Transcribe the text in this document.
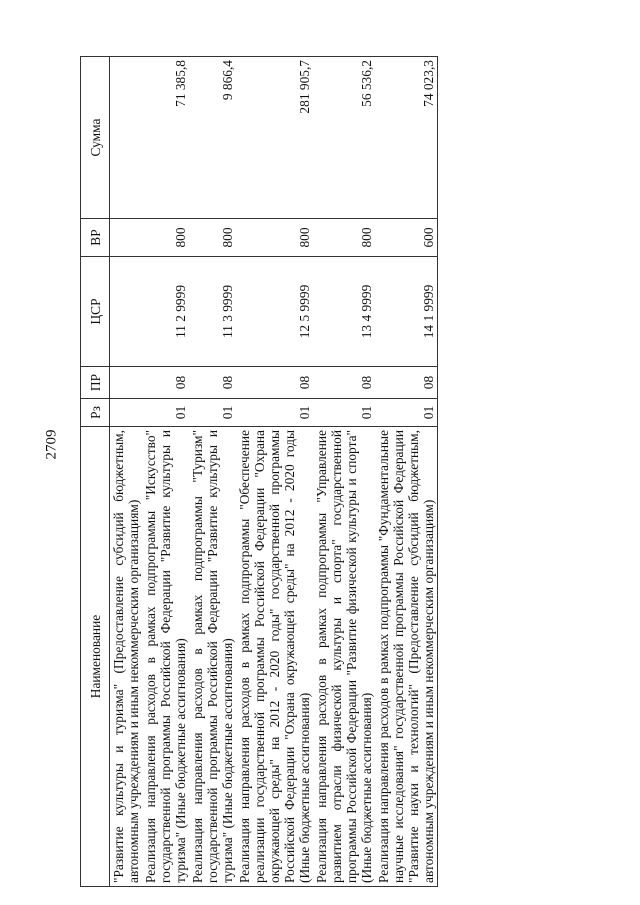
2709
Наименование	Рз	ПР	ЦСР	ВР	Сумма
"Развитие культуры и туризма" (Предоставление субсидий бюджетным, автономным учреждениям и иным некоммерческим организациям)					
Реализация направления расходов в рамках подпрограммы "Искусство" государственной программы Российской Федерации "Развитие культуры и туризма" (Иные бюджетные ассигнования)	01	08	11 2 9999	800	71 385,8
Реализация направления расходов в рамках подпрограммы "Туризм" государственной программы Российской Федерации "Развитие культуры и туризма" (Иные бюджетные ассигнования)	01	08	11 3 9999	800	9 866,4
Реализация направления расходов в рамках подпрограммы "Обеспечение реализации государственной программы Российской Федерации "Охрана окружающей среды" на 2012 - 2020 годы" государственной программы Российской Федерации "Охрана окружающей среды" на 2012 - 2020 годы (Иные бюджетные ассигнования)	01	08	12 5 9999	800	281 905,7
Реализация направления расходов в рамках подпрограммы "Управление развитием отрасли физической культуры и спорта" государственной программы Российской Федерации "Развитие физической культуры и спорта" (Иные бюджетные ассигнования)	01	08	13 4 9999	800	56 536,2
Реализация направления расходов в рамках подпрограммы "Фундаментальные научные исследования" государственной программы Российской Федерации "Развитие науки и технологий" (Предоставление субсидий бюджетным, автономным учреждениям и иным некоммерческим организациям)	01	08	14 1 9999	600	74 023,3
